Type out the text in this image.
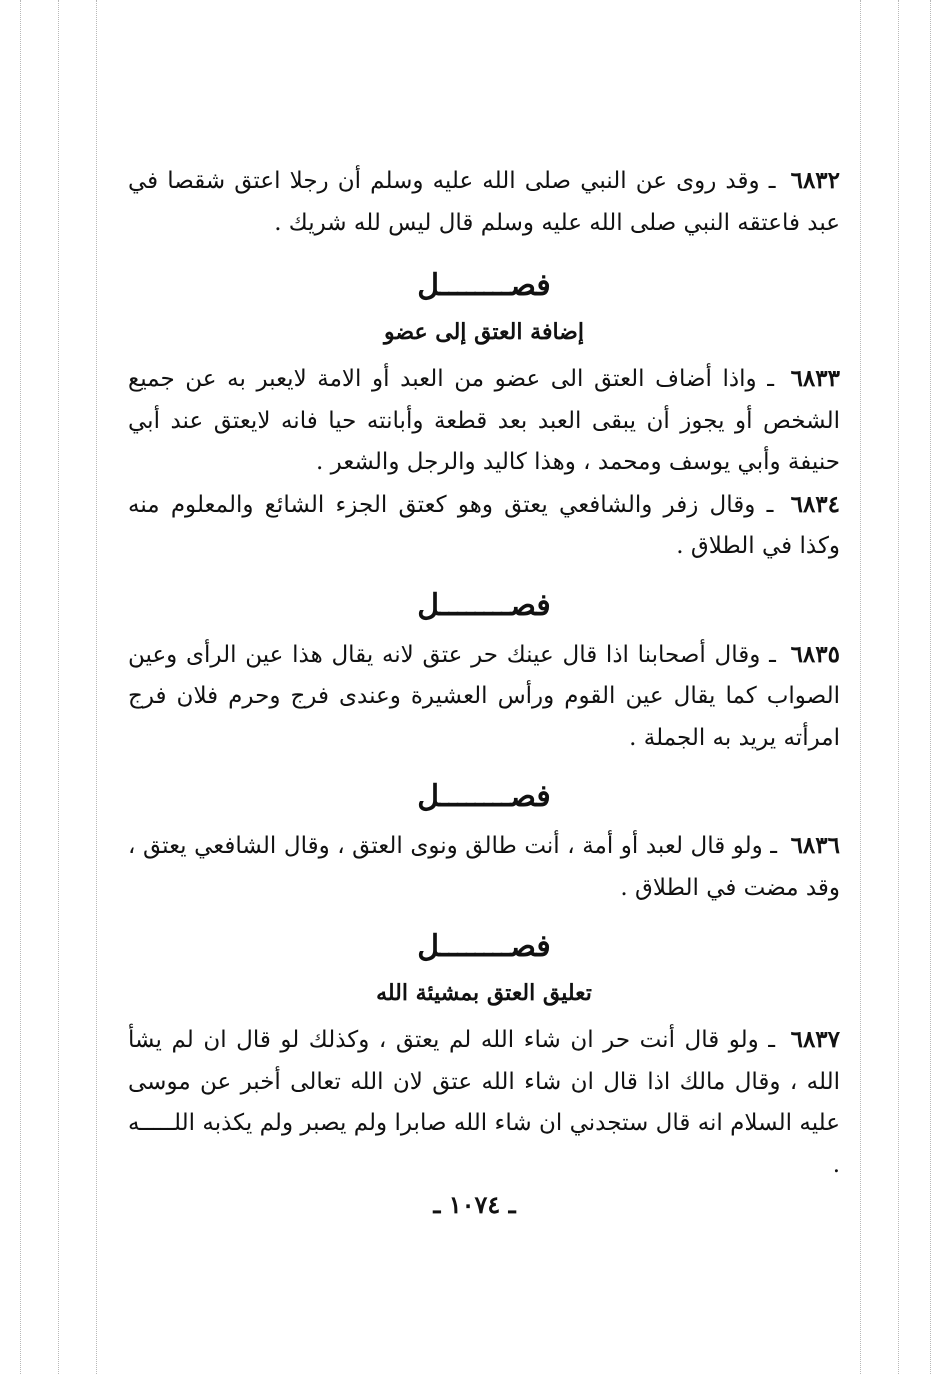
٦٨٣٢ ـ وقد روى عن النبي صلى الله عليه وسلم أن رجلا اعتق شقصا في عبد فاعتقه النبي صلى الله عليه وسلم قال ليس لله شريك .

فصــــــــل

إضافة العتق إلى عضو

٦٨٣٣ ـ واذا أضاف العتق الى عضو من العبد أو الامة لايعبر به عن جميع الشخص أو يجوز أن يبقى العبد بعد قطعة وأبانته حيا فانه لايعتق عند أبي حنيفة وأبي يوسف ومحمد ، وهذا كاليد والرجل والشعر .

٦٨٣٤ ـ وقال زفر والشافعي يعتق وهو كعتق الجزء الشائع والمعلوم منه وكذا في الطلاق .

فصــــــــل

٦٨٣٥ ـ وقال أصحابنا اذا قال عينك حر عتق لانه يقال هذا عين الرأى وعين الصواب كما يقال عين القوم ورأس العشيرة وعندى فرج وحرم فلان فرج امرأته يريد به الجملة .

فصــــــــل

٦٨٣٦ ـ ولو قال لعبد أو أمة ، أنت طالق ونوى العتق ، وقال الشافعي يعتق ، وقد مضت في الطلاق .

فصــــــــل

تعليق العتق بمشيئة الله

٦٨٣٧ ـ ولو قال أنت حر ان شاء الله لم يعتق ، وكذلك لو قال ان لم يشأ الله ، وقال مالك اذا قال ان شاء الله عتق لان الله تعالى أخبر عن موسى عليه السلام انه قال ستجدني ان شاء الله صابرا ولم يصبر ولم يكذبه اللـــــه .

ـ ١٠٧٤ ـ
